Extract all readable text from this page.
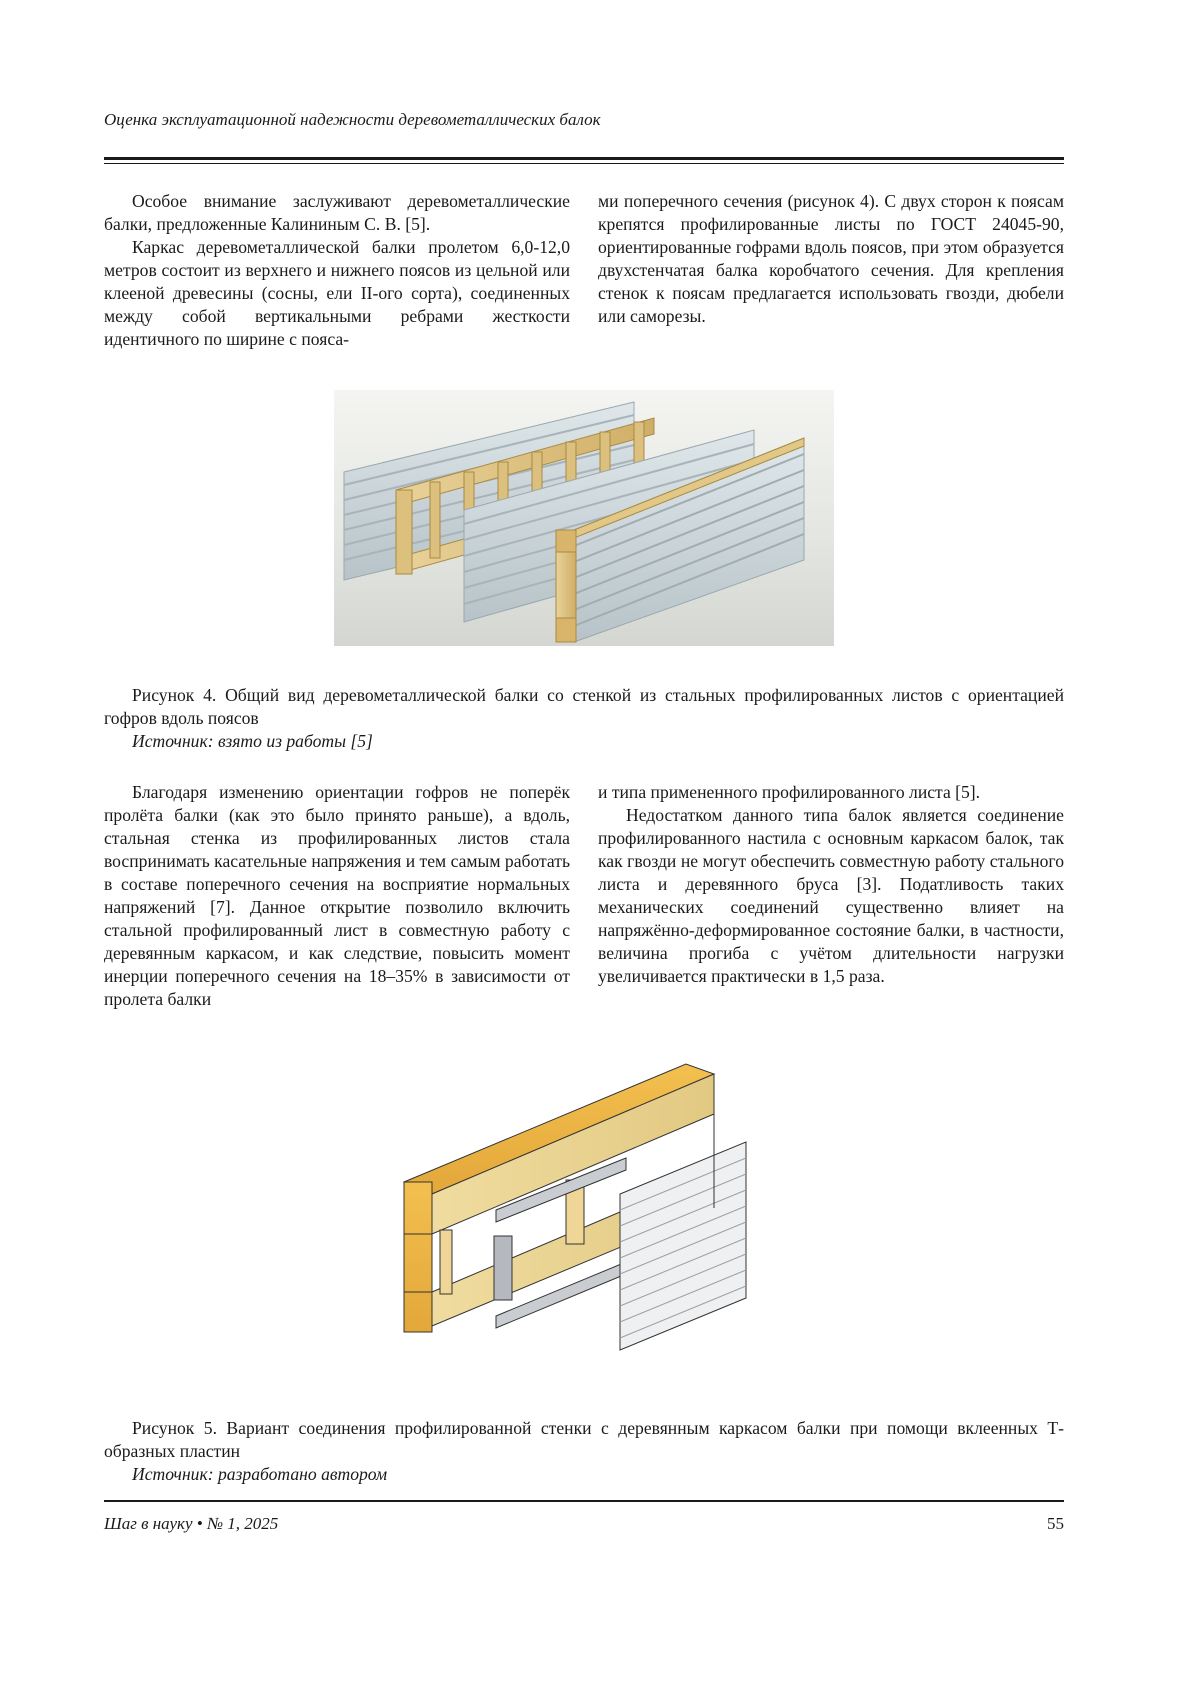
Оценка эксплуатационной надежности деревометаллических балок

Особое внимание заслуживают деревометаллические балки, предложенные Калининым С. В. [5].

Каркас деревометаллической балки пролетом 6,0-12,0 метров состоит из верхнего и нижнего поясов из цельной или клееной древесины (сосны, ели II-ого сорта), соединенных между собой вертикальными ребрами жесткости идентичного по ширине с пояса-

ми поперечного сечения (рисунок 4). С двух сторон к поясам крепятся профилированные листы по ГОСТ 24045-90, ориентированные гофрами вдоль поясов, при этом образуется двухстенчатая балка коробчатого сечения. Для крепления стенок к поясам предлагается использовать гвозди, дюбели или саморезы.

Рисунок 4. Общий вид деревометаллической балки со стенкой из стальных профилированных листов с ориентацией гофров вдоль поясов
Источник: взято из работы [5]

Благодаря изменению ориентации гофров не поперёк пролёта балки (как это было принято раньше), а вдоль, стальная стенка из профилированных листов стала воспринимать касательные напряжения и тем самым работать в составе поперечного сечения на восприятие нормальных напряжений [7]. Данное открытие позволило включить стальной профилированный лист в совместную работу с деревянным каркасом, и как следствие, повысить момент инерции поперечного сечения на 18–35% в зависимости от пролета балки

и типа примененного профилированного листа [5].

Недостатком данного типа балок является соединение профилированного настила с основным каркасом балок, так как гвозди не могут обеспечить совместную работу стального листа и деревянного бруса [3]. Податливость таких механических соединений существенно влияет на напряжённо-деформированное состояние балки, в частности, величина прогиба с учётом длительности нагрузки увеличивается практически в 1,5 раза.

Рисунок 5. Вариант соединения профилированной стенки с деревянным каркасом балки при помощи вклеенных Т-образных пластин
Источник: разработано автором
Шаг в науку • № 1, 2025	55
